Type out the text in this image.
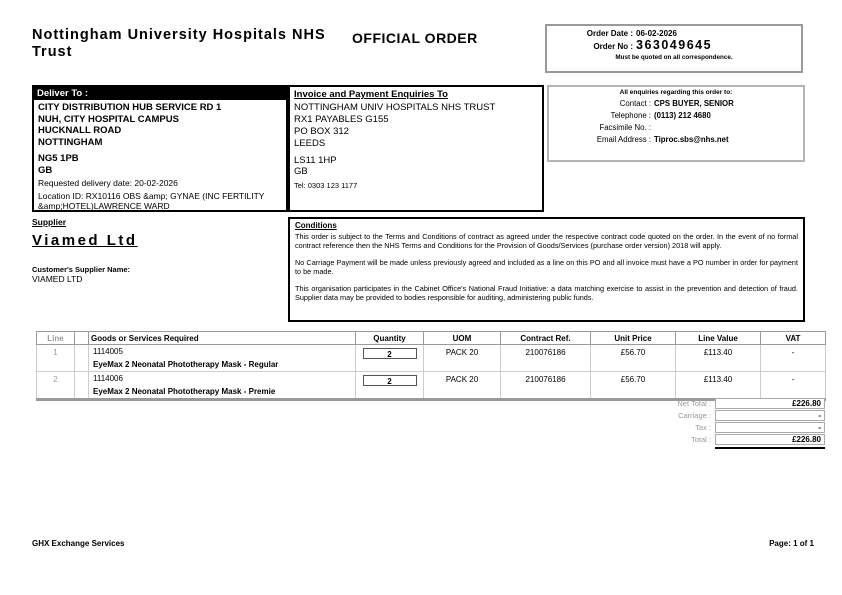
Nottingham University Hospitals NHS Trust
OFFICIAL ORDER	Order Date : 06-02-2026
Order No : 363049645
Must be quoted on all correspondence.
Deliver To :
CITY DISTRIBUTION HUB SERVICE RD 1
NUH, CITY HOSPITAL CAMPUS
HUCKNALL ROAD
NOTTINGHAM
NG5 1PB
GB
Requested delivery date: 20-02-2026
Location ID: RX10116 OBS &amp; GYNAE (INC FERTILITY &amp;HOTEL)LAWRENCE WARD
Invoice and Payment Enquiries To
NOTTINGHAM UNIV HOSPITALS NHS TRUST
RX1 PAYABLES G155
PO BOX 312
LEEDS
LS11 1HP
GB
Tel: 0303 123 1177
All enquiries regarding this order to:
Contact : CPS BUYER, SENIOR
Telephone : (0113) 212 4680
Facsimile No. :
Email Address : Tiproc.sbs@nhs.net
Supplier
Viamed Ltd
Customer's Supplier Name:
VIAMED LTD
Conditions
This order is subject to the Terms and Conditions of contract as agreed under the respective contract code quoted on the order. In the event of no formal contract reference then the NHS Terms and Conditions for the Provision of Goods/Services (purchase order version) 2018 will apply.
No Carriage Payment will be made unless previously agreed and included as a line on this PO and all invoice must have a PO number in order for payment to be made.
This organisation participates in the Cabinet Office's National Fraud Initiative: a data matching exercise to assist in the prevention and detection of fraud. Supplier data may be provided to bodies responsible for auditing, administering public funds.
Line		Goods or Services Required	Quantity	UOM	Contract Ref.	Unit Price	Line Value	VAT
1		1114005
EyeMax 2 Neonatal Phototherapy Mask - Regular	2	PACK 20	210076186	£56.70	£113.40	-
2		1114006
EyeMax 2 Neonatal Phototherapy Mask - Premie	2	PACK 20	210076186	£56.70	£113.40	-
Net Total :	£226.80
Carriage :	-
Tax :	-
Total :	£226.80
GHX Exchange Services	Page: 1 of 1
